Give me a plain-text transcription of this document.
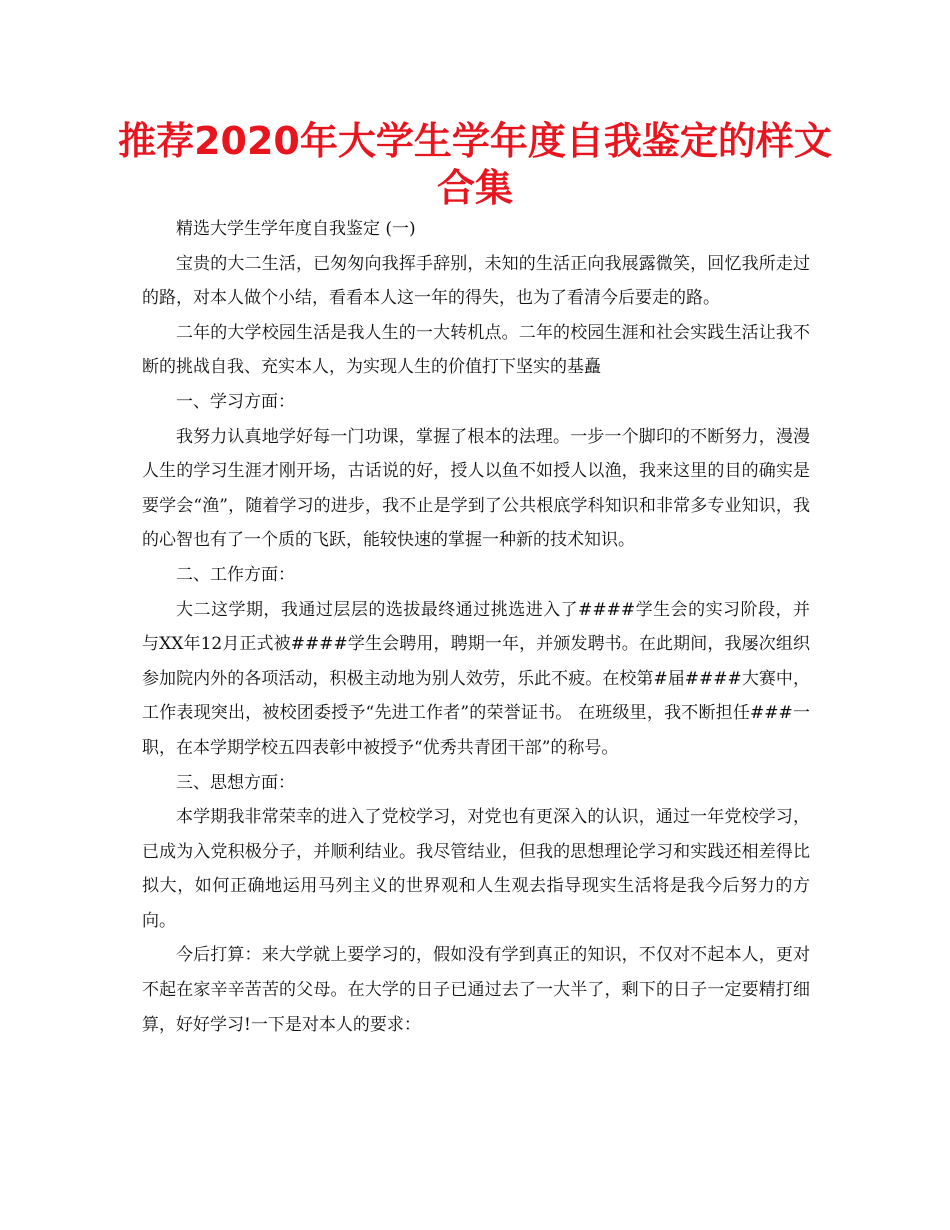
推荐2020年大学生学年度自我鉴定的样文合集

精选大学生学年度自我鉴定 (一)

宝贵的大二生活，已匆匆向我挥手辞别，未知的生活正向我展露微笑，回忆我所走过的路，对本人做个小结，看看本人这一年的得失，也为了看清今后要走的路。

二年的大学校园生活是我人生的一大转机点。二年的校园生涯和社会实践生活让我不断的挑战自我、充实本人，为实现人生的价值打下坚实的基矗

一、学习方面：

我努力认真地学好每一门功课，掌握了根本的法理。一步一个脚印的不断努力，漫漫人生的学习生涯才刚开场，古话说的好，授人以鱼不如授人以渔，我来这里的目的确实是要学会“渔”，随着学习的进步，我不止是学到了公共根底学科知识和非常多专业知识，我的心智也有了一个质的飞跃，能较快速的掌握一种新的技术知识。

二、工作方面：

大二这学期，我通过层层的选拔最终通过挑选进入了####学生会的实习阶段，并与XX年12月正式被####学生会聘用，聘期一年，并颁发聘书。在此期间，我屡次组织参加院内外的各项活动，积极主动地为别人效劳，乐此不疲。在校第#届####大赛中，工作表现突出，被校团委授予“先进工作者”的荣誉证书。 在班级里，我不断担任###一职，在本学期学校五四表彰中被授予“优秀共青团干部”的称号。

三、思想方面：

本学期我非常荣幸的进入了党校学习，对党也有更深入的认识，通过一年党校学习，已成为入党积极分子，并顺利结业。我尽管结业，但我的思想理论学习和实践还相差得比拟大，如何正确地运用马列主义的世界观和人生观去指导现实生活将是我今后努力的方向。

今后打算：来大学就上要学习的，假如没有学到真正的知识，不仅对不起本人，更对不起在家辛辛苦苦的父母。在大学的日子已通过去了一大半了，剩下的日子一定要精打细算，好好学习!一下是对本人的要求：
